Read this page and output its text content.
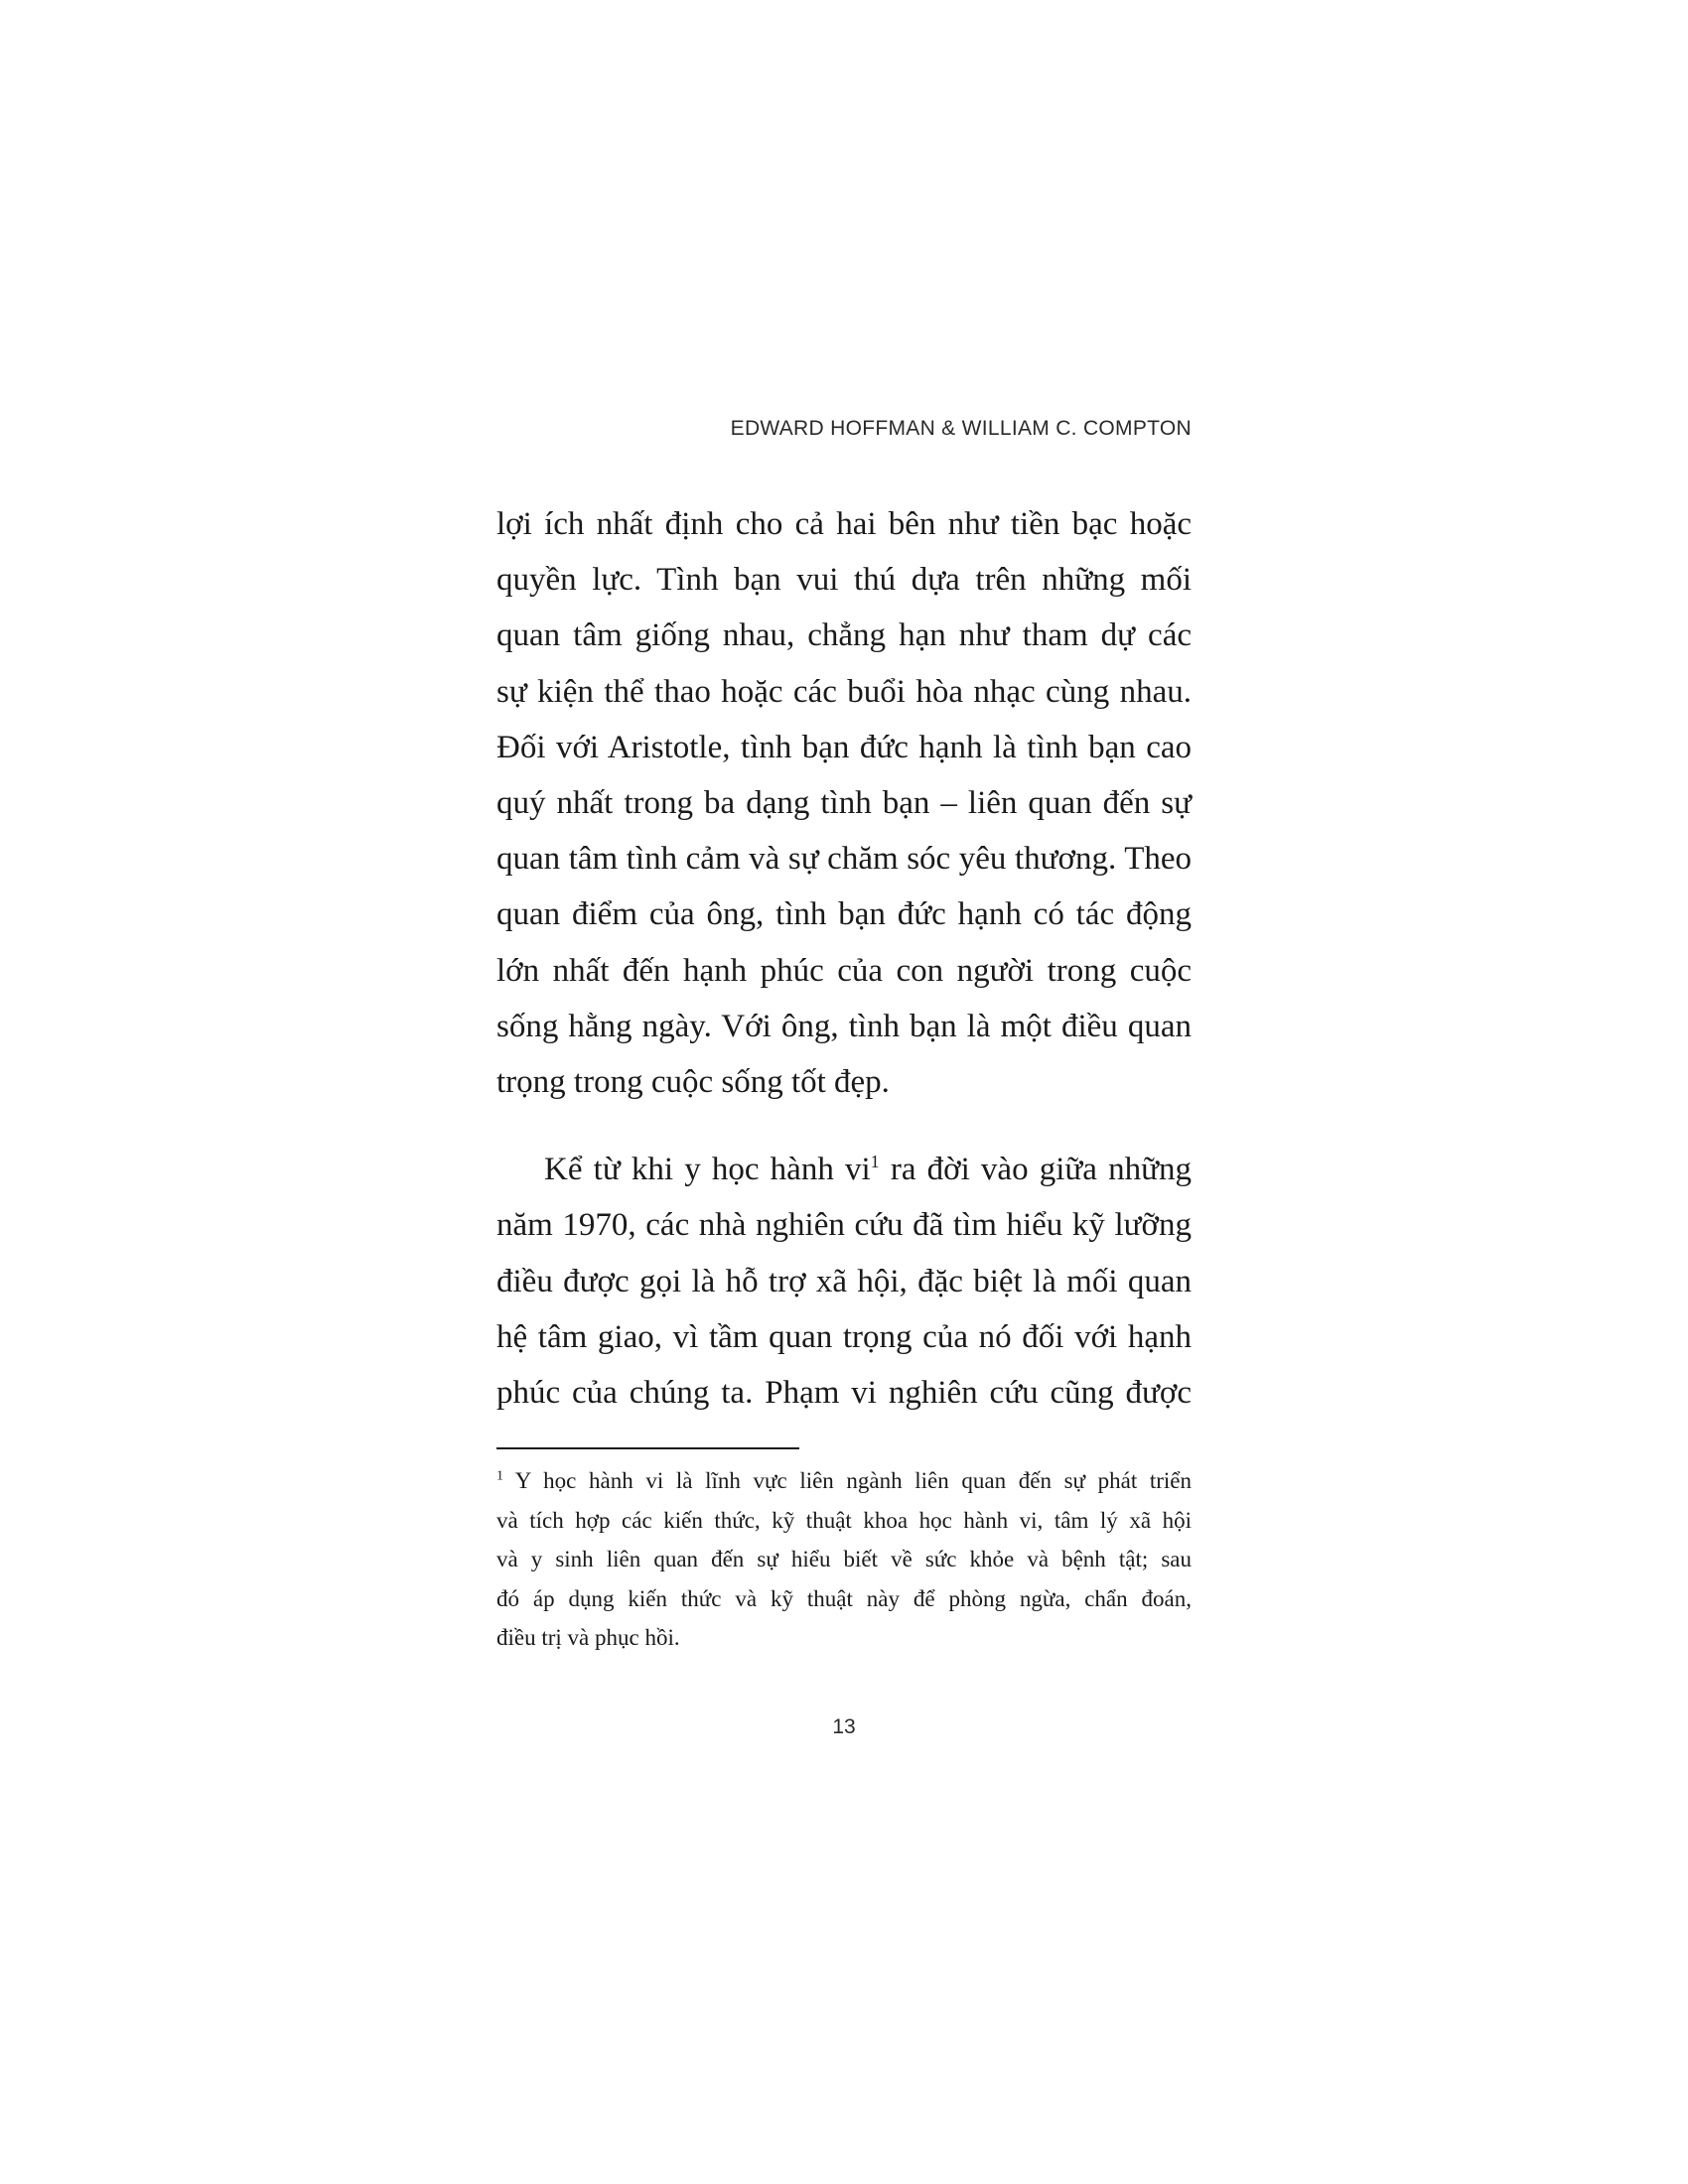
EDWARD HOFFMAN & WILLIAM C. COMPTON

lợi ích nhất định cho cả hai bên như tiền bạc hoặc
quyền lực. Tình bạn vui thú dựa trên những mối
quan tâm giống nhau, chẳng hạn như tham dự các
sự kiện thể thao hoặc các buổi hòa nhạc cùng nhau.
Đối với Aristotle, tình bạn đức hạnh là tình bạn cao
quý nhất trong ba dạng tình bạn – liên quan đến sự
quan tâm tình cảm và sự chăm sóc yêu thương. Theo
quan điểm của ông, tình bạn đức hạnh có tác động
lớn nhất đến hạnh phúc của con người trong cuộc
sống hằng ngày. Với ông, tình bạn là một điều quan
trọng trong cuộc sống tốt đẹp.

Kể từ khi y học hành $vi^1$ ra đời vào giữa những
năm 1970, các nhà nghiên cứu đã tìm hiểu kỹ lưỡng
điều được gọi là hỗ trợ xã hội, đặc biệt là mối quan
hệ tâm giao, vì tầm quan trọng của nó đối với hạnh
phúc của chúng ta. Phạm vi nghiên cứu cũng được

$^1$ Y học hành vi là lĩnh vực liên ngành liên quan đến sự phát triển
và tích hợp các kiến thức, kỹ thuật khoa học hành vi, tâm lý xã hội
và y sinh liên quan đến sự hiểu biết về sức khỏe và bệnh tật; sau
đó áp dụng kiến thức và kỹ thuật này để phòng ngừa, chẩn đoán,
điều trị và phục hồi.
13
